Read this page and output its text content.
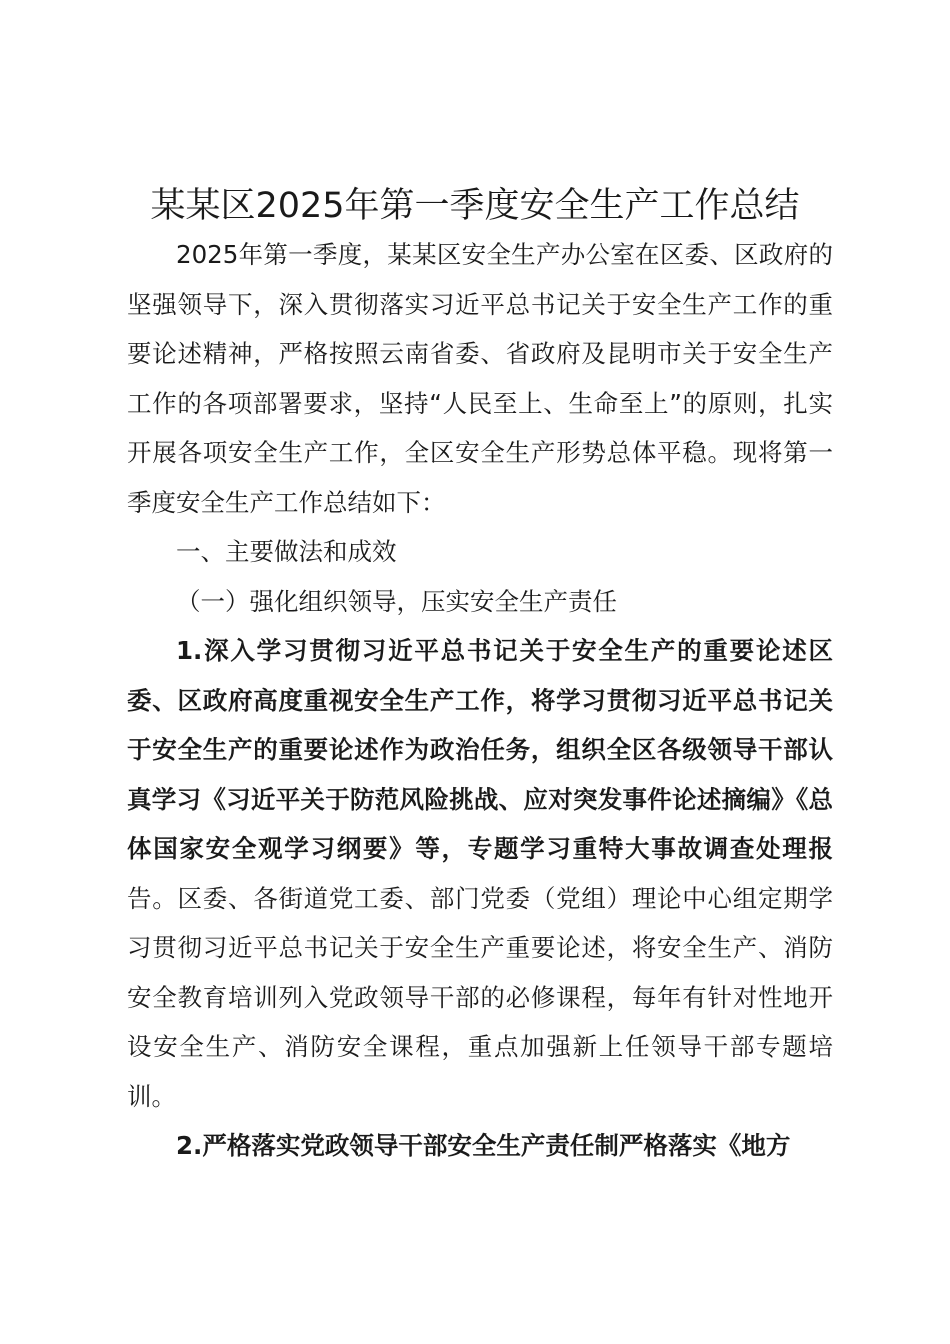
某某区2025年第一季度安全生产工作总结

2025年第一季度，某某区安全生产办公室在区委、区政府的坚强领导下，深入贯彻落实习近平总书记关于安全生产工作的重要论述精神，严格按照云南省委、省政府及昆明市关于安全生产工作的各项部署要求，坚持“人民至上、生命至上”的原则，扎实开展各项安全生产工作，全区安全生产形势总体平稳。现将第一季度安全生产工作总结如下：

一、主要做法和成效

（一）强化组织领导，压实安全生产责任

1.深入学习贯彻习近平总书记关于安全生产的重要论述区委、区政府高度重视安全生产工作，将学习贯彻习近平总书记关于安全生产的重要论述作为政治任务，组织全区各级领导干部认真学习《习近平关于防范风险挑战、应对突发事件论述摘编》《总体国家安全观学习纲要》等，专题学习重特大事故调查处理报告。区委、各街道党工委、部门党委（党组）理论中心组定期学习贯彻习近平总书记关于安全生产重要论述，将安全生产、消防安全教育培训列入党政领导干部的必修课程，每年有针对性地开设安全生产、消防安全课程，重点加强新上任领导干部专题培训。

2.严格落实党政领导干部安全生产责任制严格落实《地方
